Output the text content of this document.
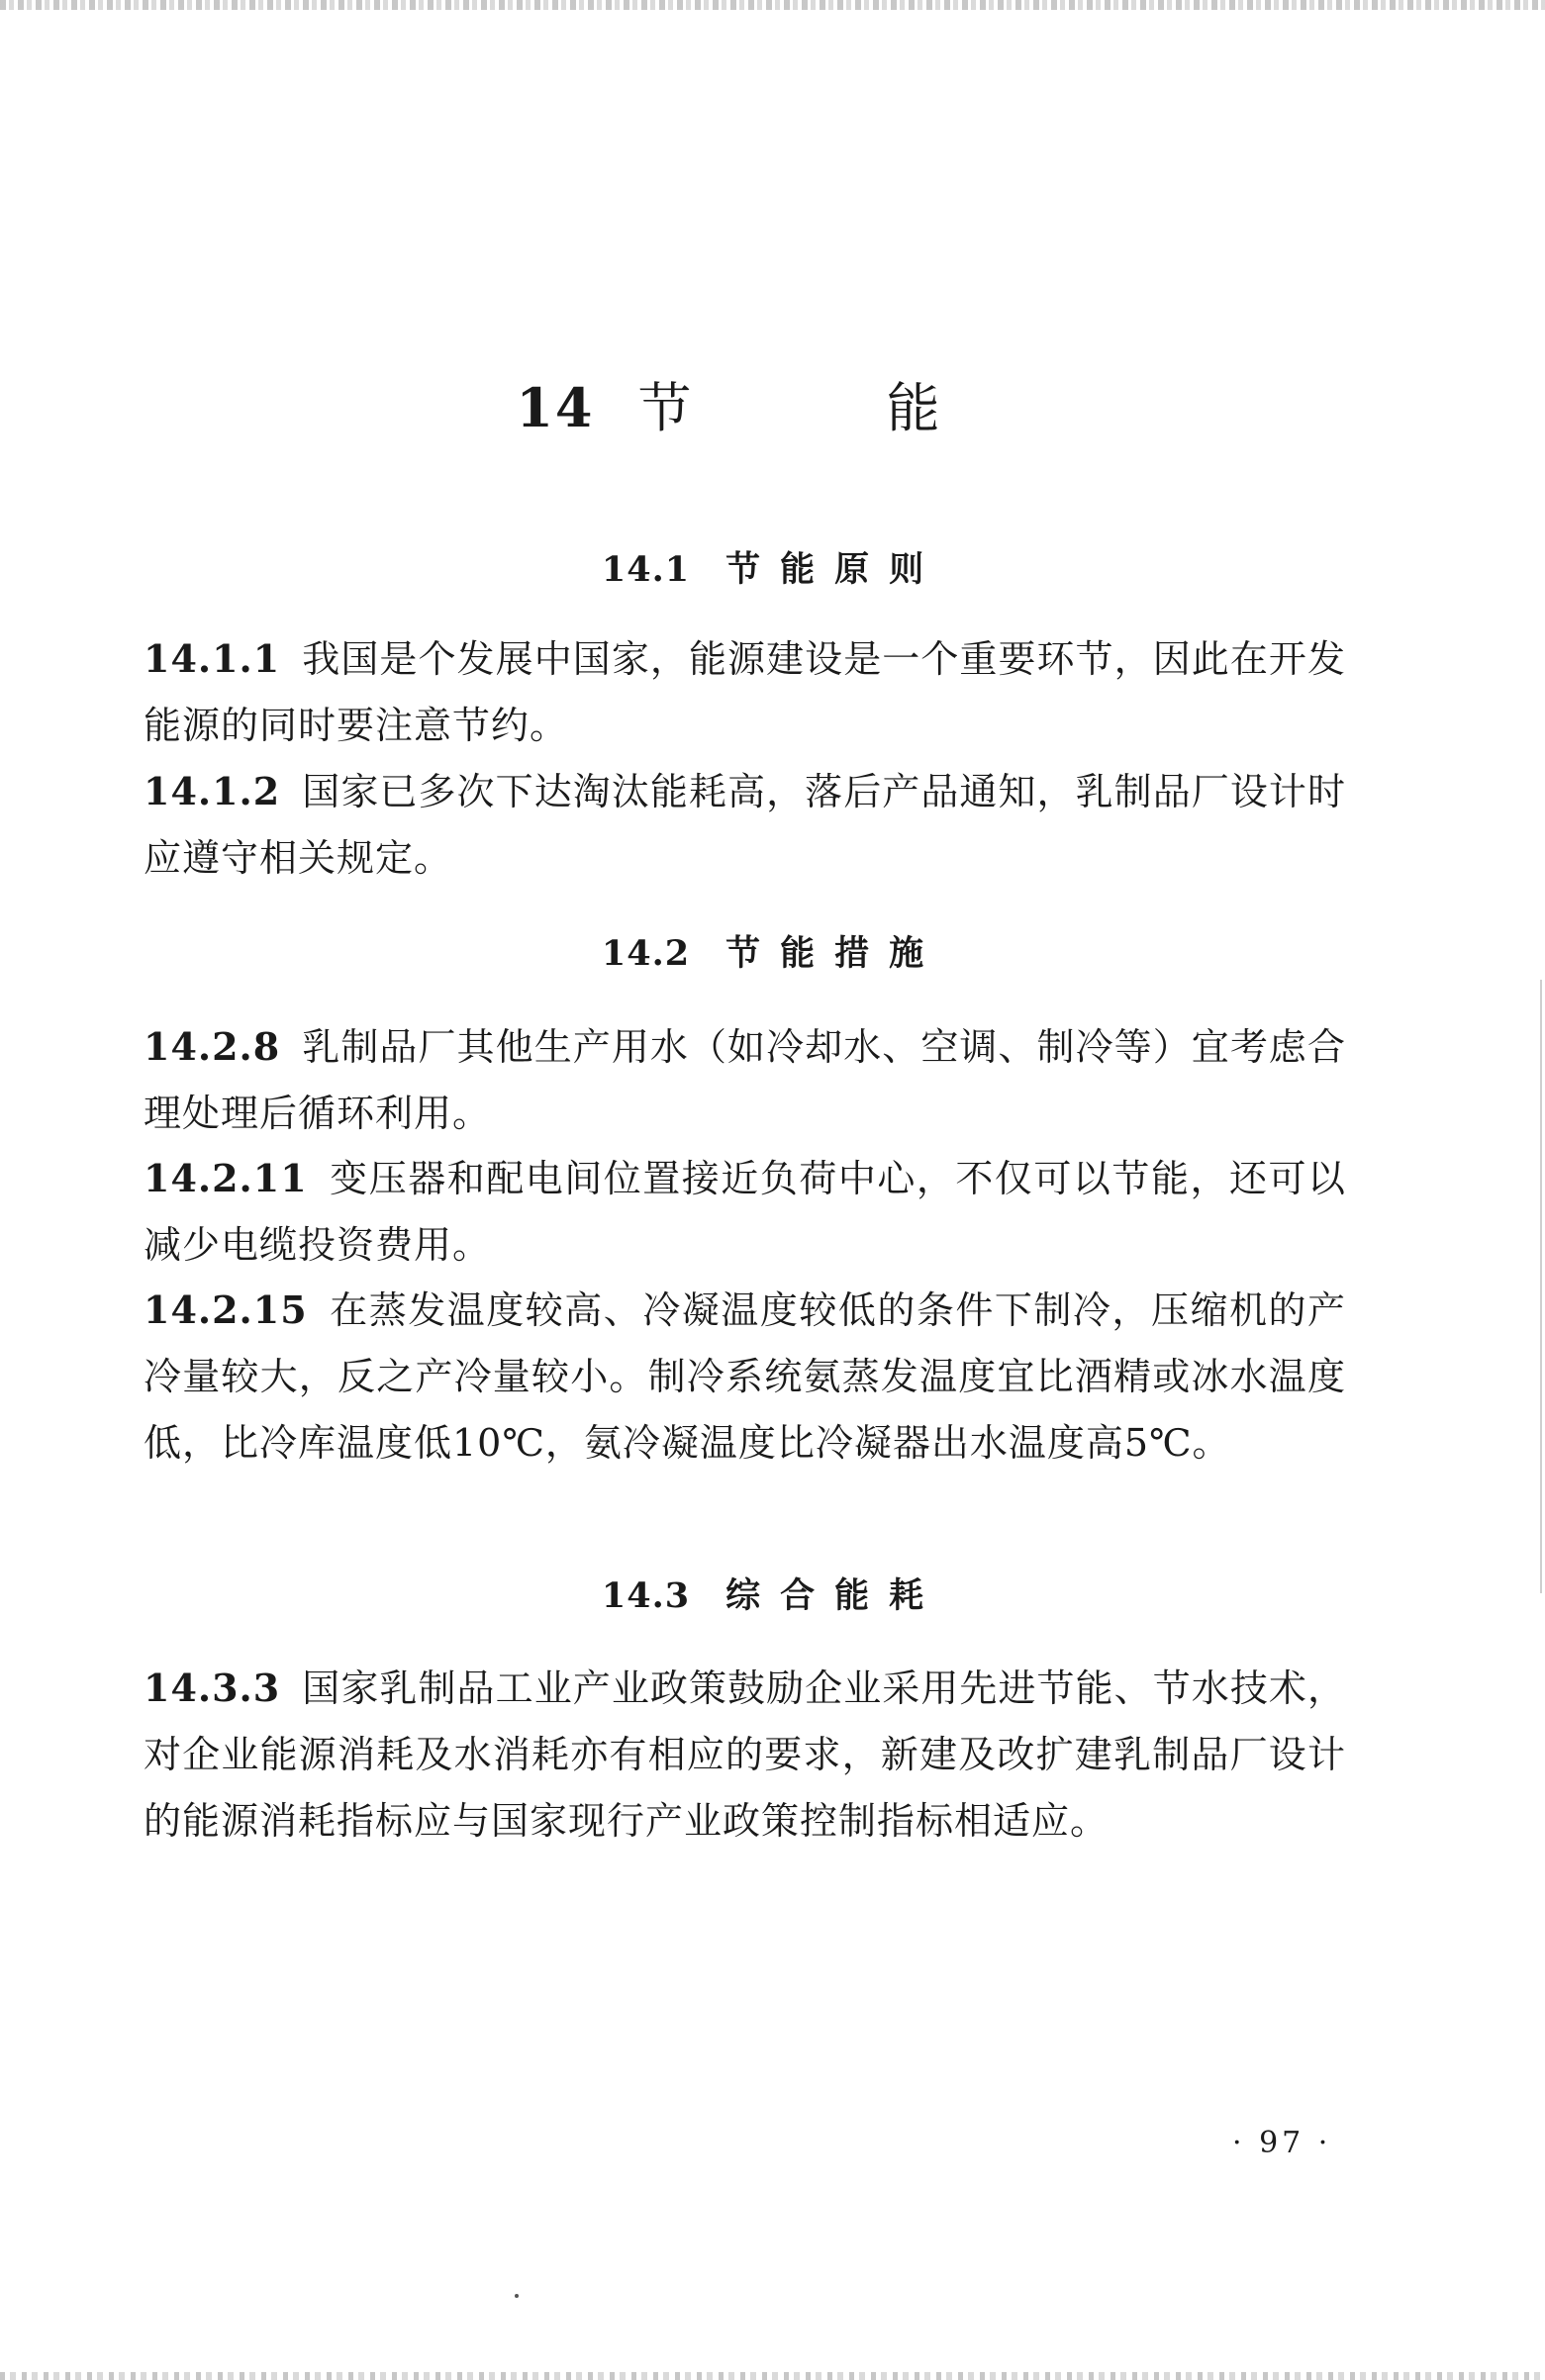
14 节 能
14.1 节能原则
14.1.1 我国是个发展中国家，能源建设是一个重要环节，因此在开发能源的同时要注意节约。
14.1.2 国家已多次下达淘汰能耗高，落后产品通知，乳制品厂设计时应遵守相关规定。
14.2 节能措施
14.2.8 乳制品厂其他生产用水（如冷却水、空调、制冷等）宜考虑合理处理后循环利用。
14.2.11 变压器和配电间位置接近负荷中心，不仅可以节能，还可以减少电缆投资费用。
14.2.15 在蒸发温度较高、冷凝温度较低的条件下制冷，压缩机的产冷量较大，反之产冷量较小。制冷系统氨蒸发温度宜比酒精或冰水温度低，比冷库温度低10℃，氨冷凝温度比冷凝器出水温度高5℃。
14.3 综合能耗
14.3.3 国家乳制品工业产业政策鼓励企业采用先进节能、节水技术，对企业能源消耗及水消耗亦有相应的要求，新建及改扩建乳制品厂设计的能源消耗指标应与国家现行产业政策控制指标相适应。
· 97 ·
